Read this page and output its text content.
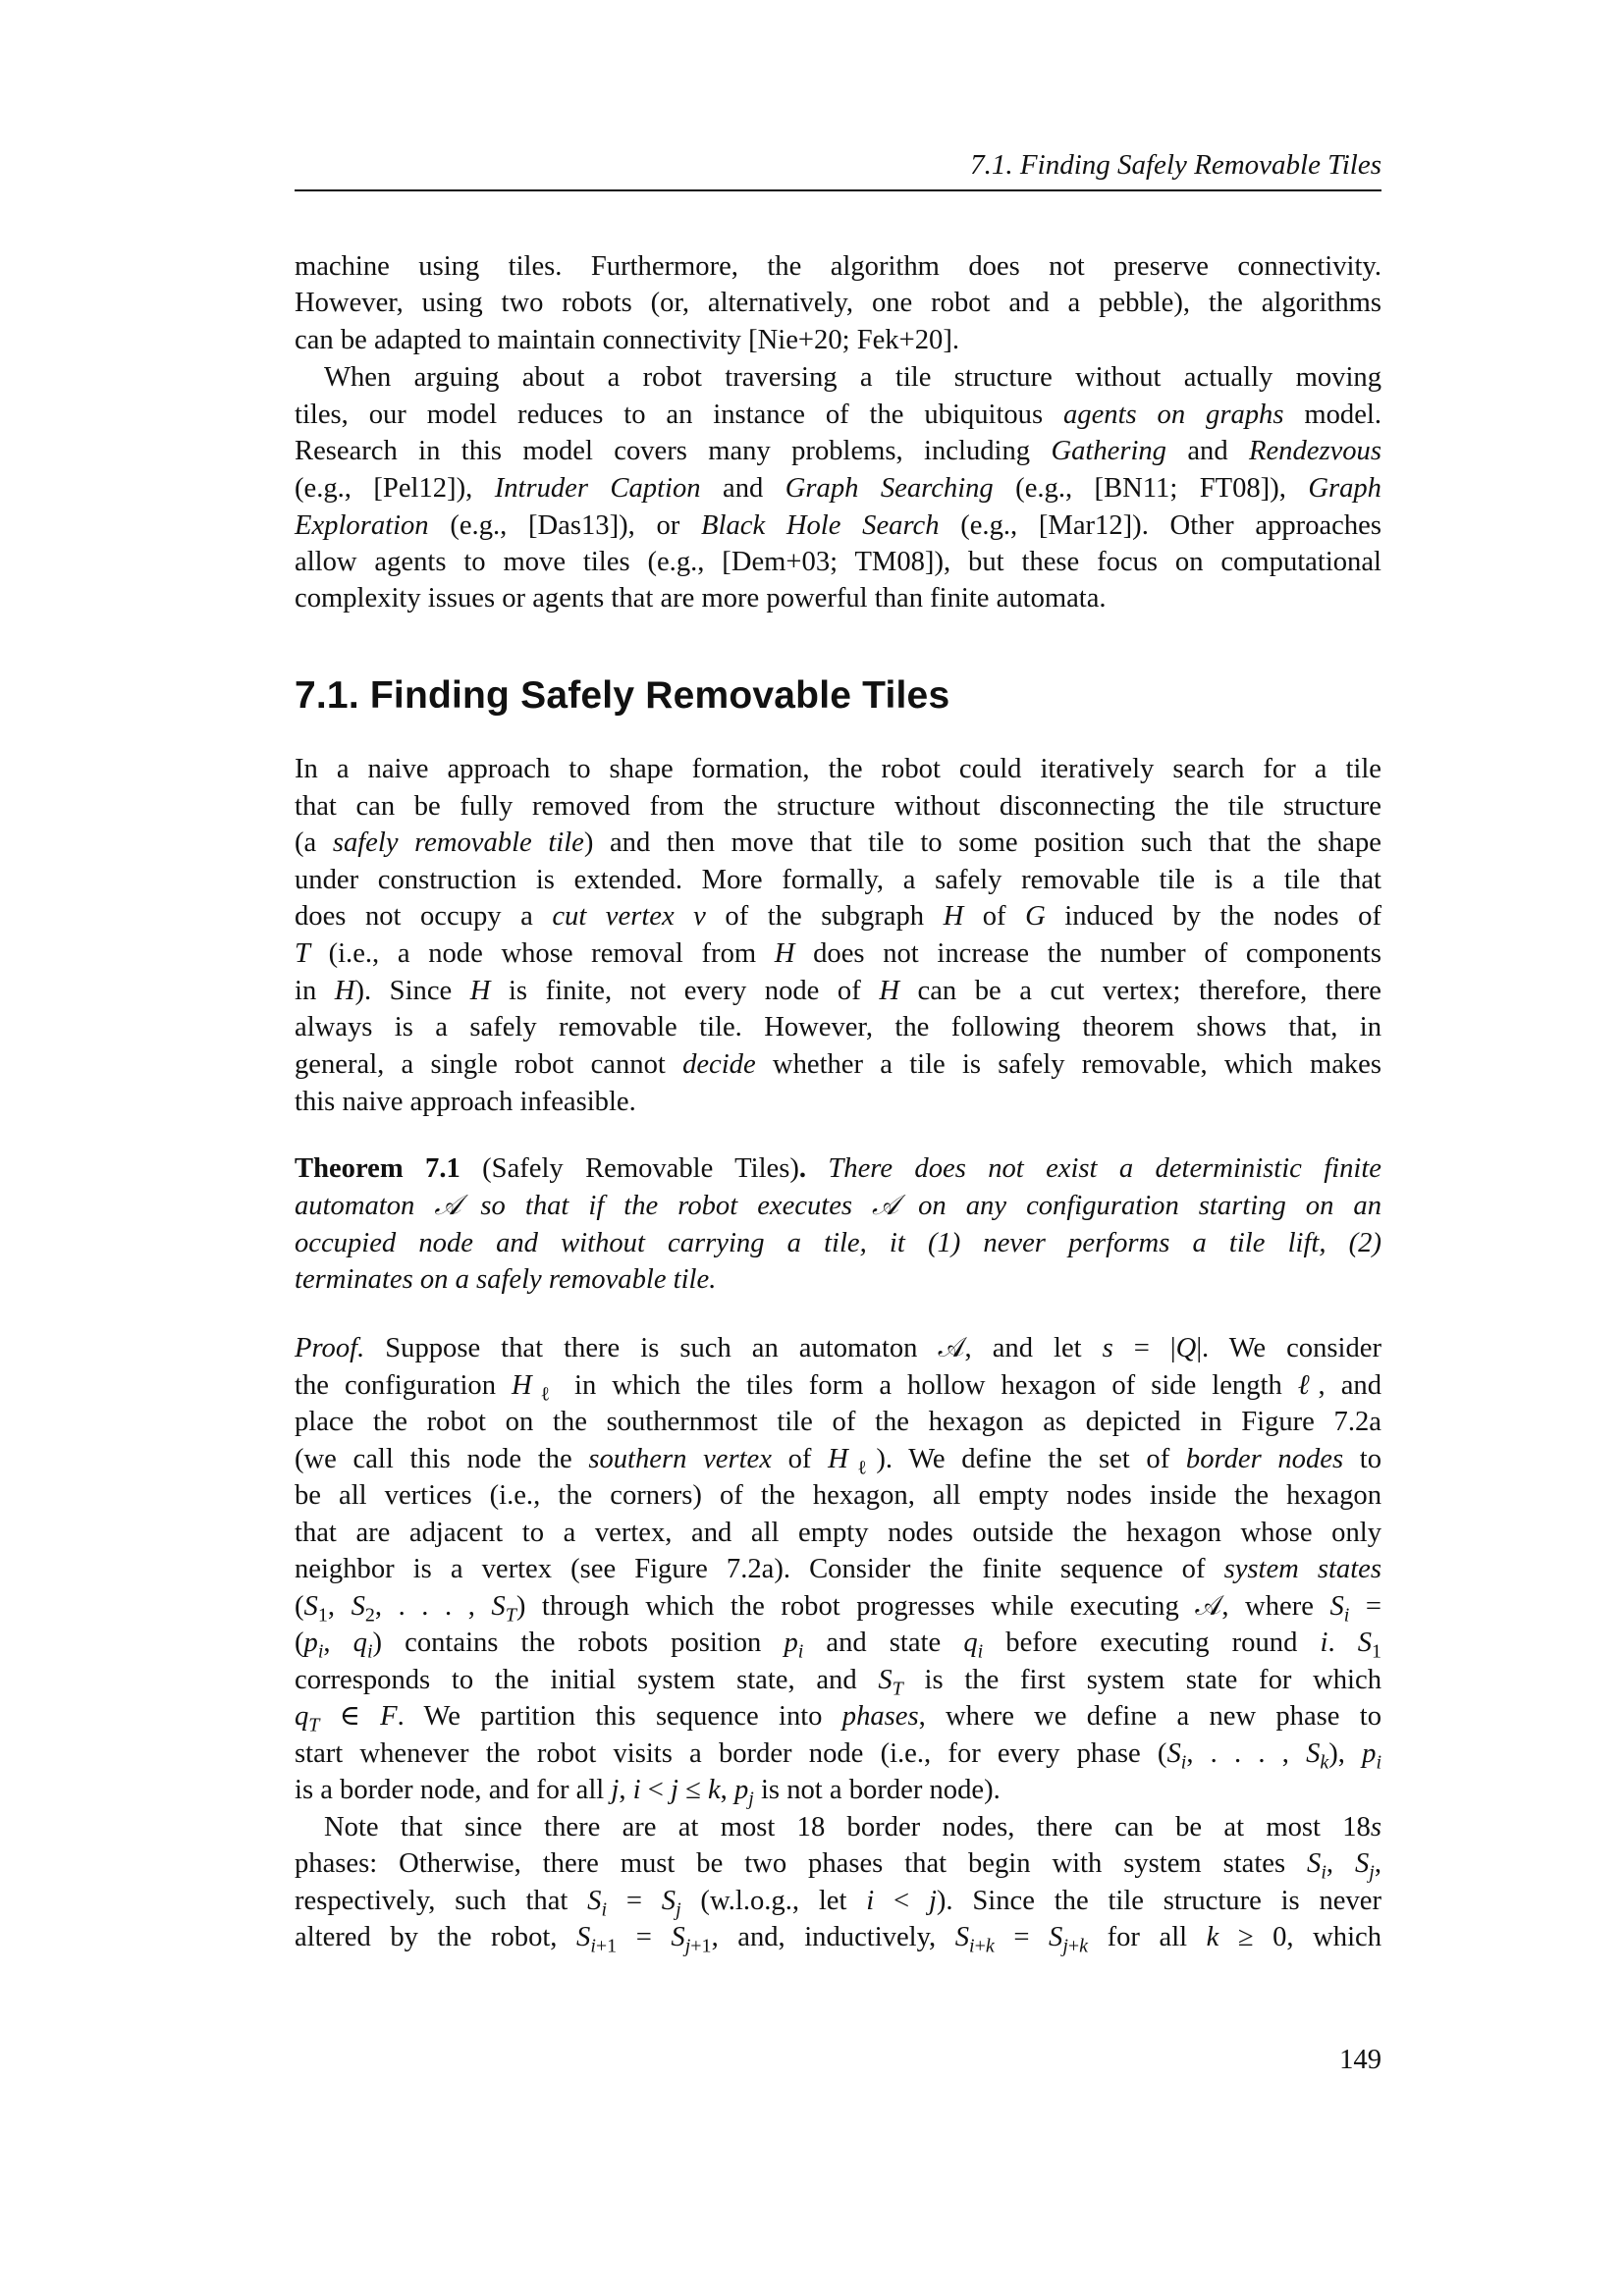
7.1. Finding Safely Removable Tiles
machine using tiles. Furthermore, the algorithm does not preserve connectivity.
However, using two robots (or, alternatively, one robot and a pebble), the algorithms
can be adapted to maintain connectivity [Nie+20; Fek+20].
When arguing about a robot traversing a tile structure without actually moving
tiles, our model reduces to an instance of the ubiquitous agents on graphs model.
Research in this model covers many problems, including Gathering and Rendezvous
(e.g., [Pel12]), Intruder Caption and Graph Searching (e.g., [BN11; FT08]), Graph
Exploration (e.g., [Das13]), or Black Hole Search (e.g., [Mar12]). Other approaches
allow agents to move tiles (e.g., [Dem+03; TM08]), but these focus on computational
complexity issues or agents that are more powerful than finite automata.
In a naive approach to shape formation, the robot could iteratively search for a tile
that can be fully removed from the structure without disconnecting the tile structure
(a safely removable tile) and then move that tile to some position such that the shape
under construction is extended. More formally, a safely removable tile is a tile that
does not occupy a cut vertex v of the subgraph H of G induced by the nodes of
T (i.e., a node whose removal from H does not increase the number of components
in H). Since H is finite, not every node of H can be a cut vertex; therefore, there
always is a safely removable tile. However, the following theorem shows that, in
general, a single robot cannot decide whether a tile is safely removable, which makes
this naive approach infeasible.
Theorem 7.1 (Safely Removable Tiles). There does not exist a deterministic finite
automaton 𝒜 so that if the robot executes 𝒜 on any configuration starting on an
occupied node and without carrying a tile, it (1) never performs a tile lift, (2)
terminates on a safely removable tile.
Proof. Suppose that there is such an automaton 𝒜, and let s = |Q|. We consider
the configuration $H_\ell$ in which the tiles form a hollow hexagon of side length ℓ, and
place the robot on the southernmost tile of the hexagon as depicted in Figure 7.2a
(we call this node the southern vertex of $H_\ell$). We define the set of border nodes to
be all vertices (i.e., the corners) of the hexagon, all empty nodes inside the hexagon
that are adjacent to a vertex, and all empty nodes outside the hexagon whose only
neighbor is a vertex (see Figure 7.2a). Consider the finite sequence of system states
($S_1$, $S_2$, . . . , $S_T$) through which the robot progresses while executing 𝒜, where $S_i$ =
($p_i$, $q_i$) contains the robots position $p_i$ and state $q_i$ before executing round i. $S_1$
corresponds to the initial system state, and $S_T$ is the first system state for which
$q_T$ ∈ F. We partition this sequence into phases, where we define a new phase to
start whenever the robot visits a border node (i.e., for every phase ($S_i$, . . . , $S_k$), $p_i$
is a border node, and for all j, i < j ≤ k, $p_j$ is not a border node).
Note that since there are at most 18 border nodes, there can be at most 18s
phases: Otherwise, there must be two phases that begin with system states $S_i$, $S_j$,
respectively, such that $S_i = S_j$ (w.l.o.g., let i < j). Since the tile structure is never
altered by the robot, $S_{i+1} = S_{j+1}$, and, inductively, $S_{i+k} = S_{j+k}$ for all k ≥ 0, which
7.1. Finding Safely Removable Tiles
149
